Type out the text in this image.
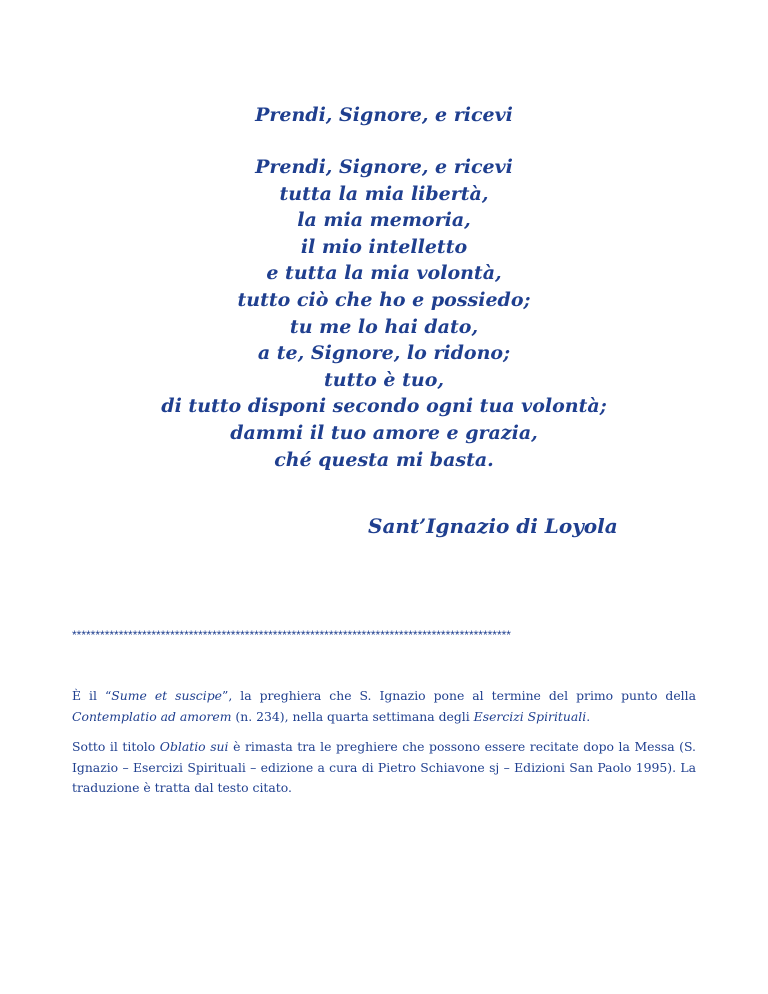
Prendi, Signore, e ricevi
Prendi, Signore, e ricevi
tutta la mia libertà,
la mia memoria,
il mio intelletto
e tutta la mia volontà,
tutto ciò che ho e possiedo;
tu me lo hai dato,
a te, Signore, lo ridono;
tutto è tuo,
di tutto disponi secondo ogni tua volontà;
dammi il tuo amore e grazia,
ché questa mi basta.
Sant’Ignazio di Loyola
**********************************************************************************************

È il “Sume et suscipe”, la preghiera che S. Ignazio pone al termine del primo punto della Contemplatio ad amorem (n. 234), nella quarta settimana degli Esercizi Spirituali.

Sotto il titolo Oblatio sui è rimasta tra le preghiere che possono essere recitate dopo la Messa (S. Ignazio – Esercizi Spirituali – edizione a cura di Pietro Schiavone sj – Edizioni San Paolo 1995). La traduzione è tratta dal testo citato.
